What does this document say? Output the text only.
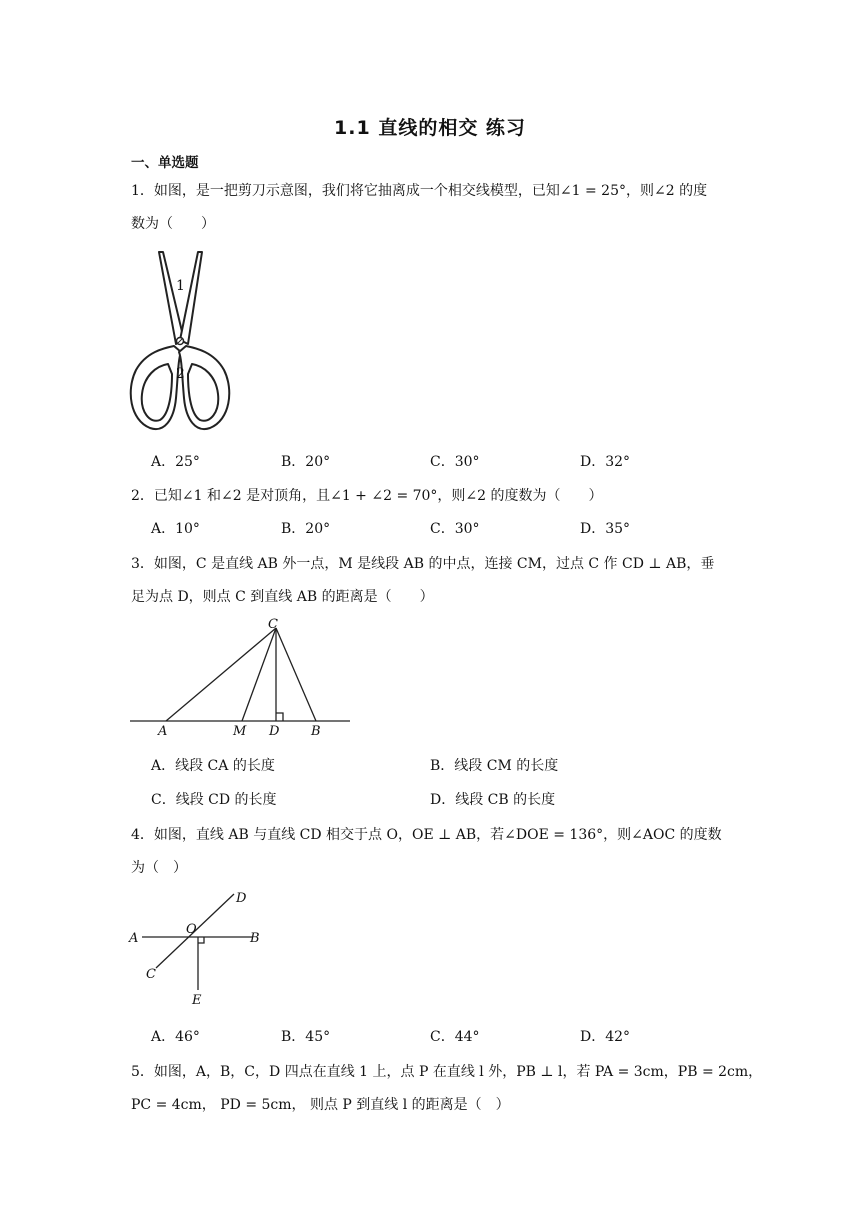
1.1 直线的相交 练习
一、单选题
1．如图，是一把剪刀示意图，我们将它抽离成一个相交线模型，已知∠1 = 25°，则∠2 的度
数为（　　）
1
2
A．25°	B．20°	C．30°	D．32°
2．已知∠1 和∠2 是对顶角，且∠1 + ∠2 = 70°，则∠2 的度数为（　　）
A．10°	B．20°	C．30°	D．35°
3．如图，C 是直线 AB 外一点，M 是线段 AB 的中点，连接 CM，过点 C 作 CD ⊥ AB，垂
足为点 D，则点 C 到直线 AB 的距离是（　　）
C
A	M D B
A．线段 CA 的长度	B．线段 CM 的长度
C．线段 CD 的长度	D．线段 CB 的长度
4．如图，直线 AB 与直线 CD 相交于点 O，OE ⊥ AB，若∠DOE = 136°，则∠AOC 的度数
为（　）
D
A
O
B
C
E
A．46°	B．45°	C．44°	D．42°
5．如图，A，B，C，D 四点在直线 1 上，点 P 在直线 l 外，PB ⊥ l，若 PA = 3cm，PB = 2cm，
PC = 4cm， PD = 5cm， 则点 P 到直线 l 的距离是（　）
